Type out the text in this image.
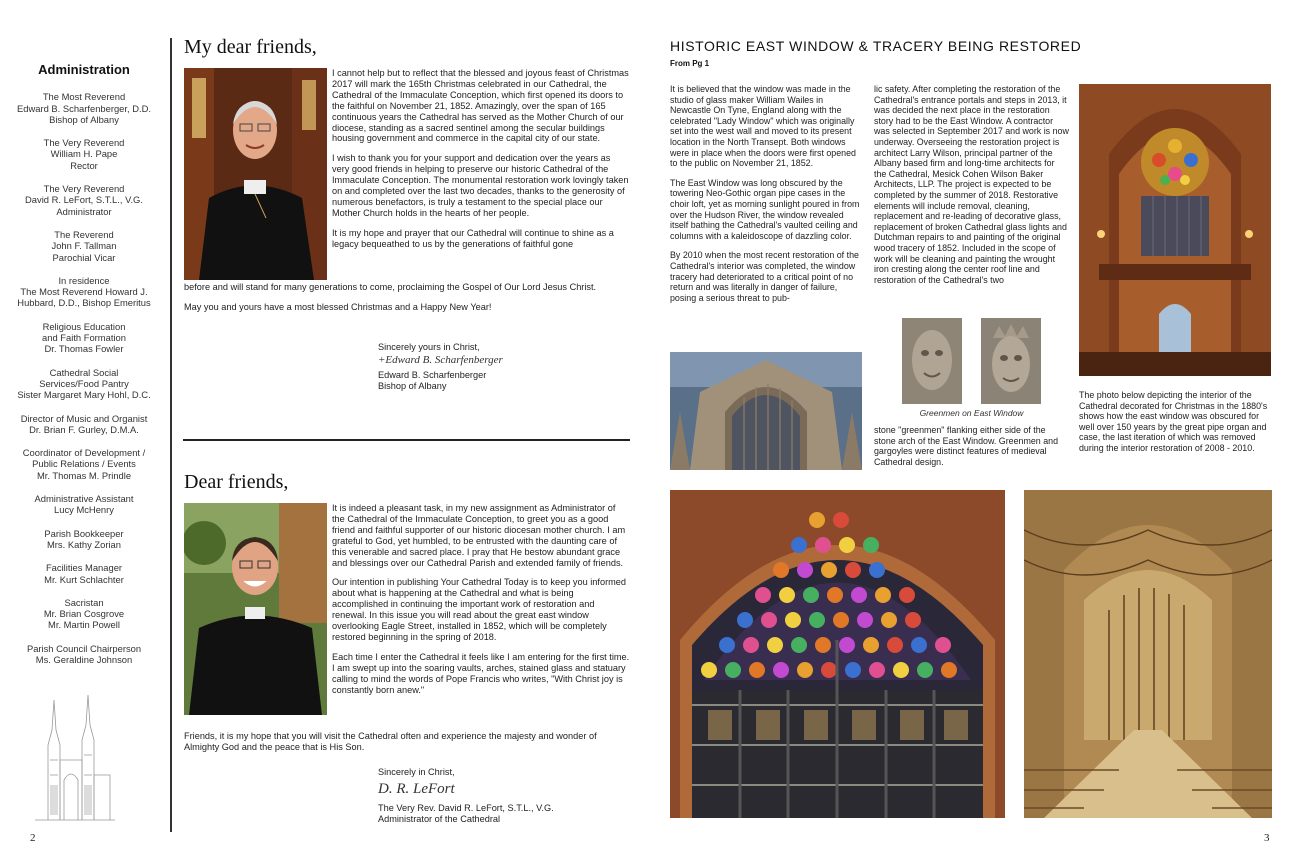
Administration
The Most Reverend
Edward B. Scharfenberger, D.D.
Bishop of Albany
The Very Reverend
William H. Pape
Rector
The Very Reverend
David R. LeFort, S.T.L., V.G.
Administrator
The Reverend
John F. Tallman
Parochial Vicar
In residence
The Most Reverend Howard J.
Hubbard, D.D., Bishop Emeritus
Religious Education
and Faith Formation
Dr. Thomas Fowler
Cathedral Social
Services/Food Pantry
Sister Margaret Mary Hohl, D.C.
Director of Music and Organist
Dr. Brian F. Gurley, D.M.A.
Coordinator of Development /
Public Relations / Events
Mr. Thomas M. Prindle
Administrative Assistant
Lucy McHenry
Parish Bookkeeper
Mrs. Kathy Zorian
Facilities Manager
Mr. Kurt Schlachter
Sacristan
Mr. Brian Cosgrove
Mr. Martin Powell
Parish Council Chairperson
Ms. Geraldine Johnson
2
My dear friends,

I cannot help but to reflect that the blessed and joyous feast of Christmas 2017 will mark the 165th Christmas celebrated in our Cathedral, the Cathedral of the Immaculate Conception, which first opened its doors to the faithful on November 21, 1852. Amazingly, over the span of 165 continuous years the Cathedral has served as the Mother Church of our diocese, standing as a sacred sentinel among the secular buildings housing government and commerce in the capital city of our state.

I wish to thank you for your support and dedication over the years as very good friends in helping to preserve our historic Cathedral of the Immaculate Conception. The monumental restoration work lovingly taken on and completed over the last two decades, thanks to the generosity of numerous benefactors, is truly a testament to the special place our Mother Church holds in the hearts of her people.

It is my hope and prayer that our Cathedral will continue to shine as a legacy bequeathed to us by the generations of faithful gone

before and will stand for many generations to come, proclaiming the Gospel of Our Lord Jesus Christ.

May you and yours have a most blessed Christmas and a Happy New Year!

Sincerely yours in Christ,
+Edward B. Scharfenberger
Edward B. Scharfenberger
Bishop of Albany
Dear friends,

It is indeed a pleasant task, in my new assignment as Administrator of the Cathedral of the Immaculate Conception, to greet you as a good friend and faithful supporter of our historic diocesan mother church. I am grateful to God, yet humbled, to be entrusted with the daunting care of this venerable and sacred place. I pray that He bestow abundant grace and blessings over our Cathedral Parish and extended family of friends.

Our intention in publishing Your Cathedral Today is to keep you informed about what is happening at the Cathedral and what is being accomplished in continuing the important work of restoration and renewal. In this issue you will read about the great east window overlooking Eagle Street, installed in 1852, which will be completely restored beginning in the spring of 2018.

Each time I enter the Cathedral it feels like I am entering for the first time. I am swept up into the soaring vaults, arches, stained glass and statuary calling to mind the words of Pope Francis who writes, "With Christ joy is constantly born anew."

Friends, it is my hope that you will visit the Cathedral often and experience the majesty and wonder of Almighty God and the peace that is His Son.

Sincerely in Christ,
D. R. LeFort
The Very Rev. David R. LeFort, S.T.L., V.G.
Administrator of the Cathedral
HISTORIC EAST WINDOW & TRACERY BEING RESTORED
From Pg 1

It is believed that the window was made in the studio of glass maker William Wailes in Newcastle On Tyne, England along with the celebrated "Lady Window" which was originally set into the west wall and moved to its present location in the North Transept. Both windows were in place when the doors were first opened to the public on November 21, 1852.

The East Window was long obscured by the towering Neo-Gothic organ pipe cases in the choir loft, yet as morning sunlight poured in from over the Hudson River, the window revealed itself bathing the Cathedral's vaulted ceiling and columns with a kaleidoscope of dazzling color.

By 2010 when the most recent restoration of the Cathedral's interior was completed, the window tracery had deteriorated to a critical point of no return and was literally in danger of failure, posing a serious threat to pub-

lic safety. After completing the restoration of the Cathedral's entrance portals and steps in 2013, it was decided the next place in the restoration story had to be the East Window. A contractor was selected in September 2017 and work is now underway. Overseeing the restoration project is architect Larry Wilson, principal partner of the Albany based firm and long-time architects for the Cathedral, Mesick Cohen Wilson Baker Architects, LLP. The project is expected to be completed by the summer of 2018. Restorative elements will include removal, cleaning, replacement and re-leading of decorative glass, replacement of broken Cathedral glass lights and Dutchman repairs to and painting of the original wood tracery of 1852. Included in the scope of work will be cleaning and painting the wrought iron cresting along the center roof line and restoration of the Cathedral's two

Greenmen on East Window

stone "greenmen" flanking either side of the stone arch of the East Window. Greenmen and gargoyles were distinct features of medieval Cathedral design.

The photo below depicting the interior of the Cathedral decorated for Christmas in the 1880's shows how the east window was obscured for well over 150 years by the great pipe organ and case, the last iteration of which was removed during the interior restoration of 2008 - 2010.

3
